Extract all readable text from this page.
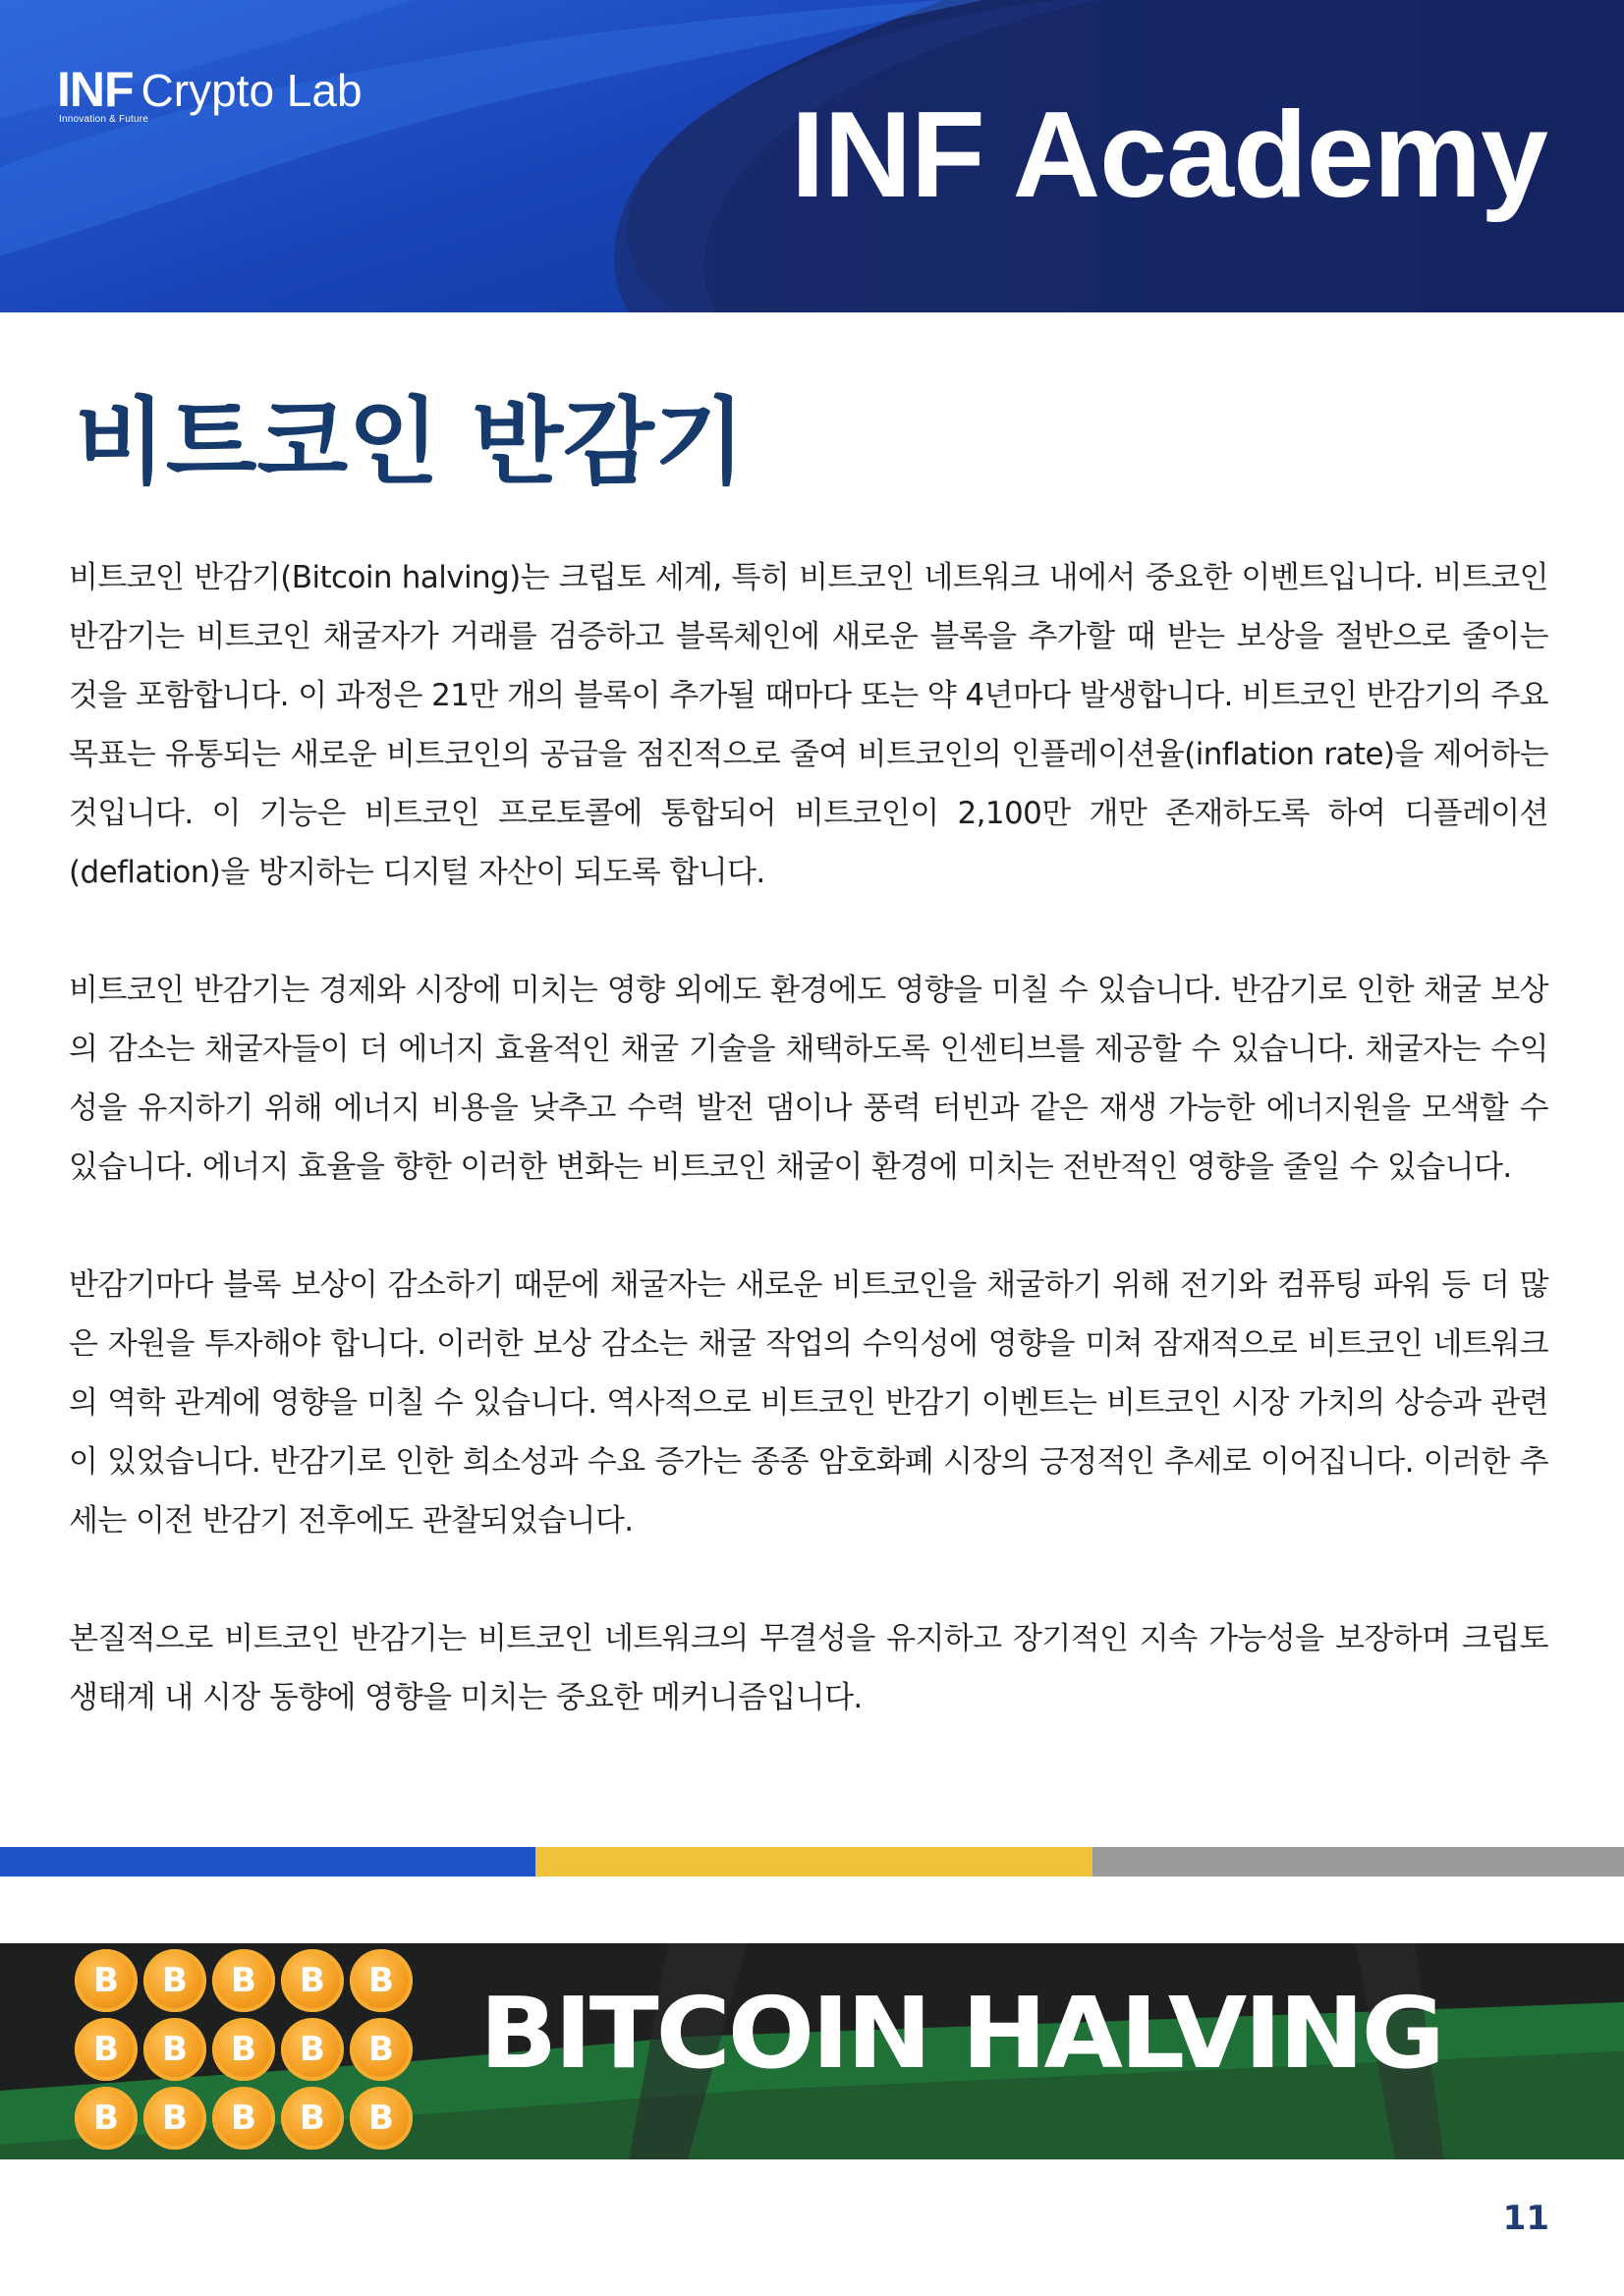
INF Crypto Lab
Innovation & Future	INF Academy
비트코인 반감기

비트코인 반감기(Bitcoin halving)는 크립토 세계, 특히 비트코인 네트워크 내에서 중요한 이벤트입니다. 비트코인 반감기는 비트코인 채굴자가 거래를 검증하고 블록체인에 새로운 블록을 추가할 때 받는 보상을 절반으로 줄이는 것을 포함합니다. 이 과정은 21만 개의 블록이 추가될 때마다 또는 약 4년마다 발생합니다. 비트코인 반감기의 주요 목표는 유통되는 새로운 비트코인의 공급을 점진적으로 줄여 비트코인의 인플레이션율(inflation rate)을 제어하는 것입니다. 이 기능은 비트코인 프로토콜에 통합되어 비트코인이 2,100만 개만 존재하도록 하여 디플레이션(deflation)을 방지하는 디지털 자산이 되도록 합니다.

비트코인 반감기는 경제와 시장에 미치는 영향 외에도 환경에도 영향을 미칠 수 있습니다. 반감기로 인한 채굴 보상의 감소는 채굴자들이 더 에너지 효율적인 채굴 기술을 채택하도록 인센티브를 제공할 수 있습니다. 채굴자는 수익성을 유지하기 위해 에너지 비용을 낮추고 수력 발전 댐이나 풍력 터빈과 같은 재생 가능한 에너지원을 모색할 수 있습니다. 에너지 효율을 향한 이러한 변화는 비트코인 채굴이 환경에 미치는 전반적인 영향을 줄일 수 있습니다.

반감기마다 블록 보상이 감소하기 때문에 채굴자는 새로운 비트코인을 채굴하기 위해 전기와 컴퓨팅 파워 등 더 많은 자원을 투자해야 합니다. 이러한 보상 감소는 채굴 작업의 수익성에 영향을 미쳐 잠재적으로 비트코인 네트워크의 역학 관계에 영향을 미칠 수 있습니다. 역사적으로 비트코인 반감기 이벤트는 비트코인 시장 가치의 상승과 관련이 있었습니다. 반감기로 인한 희소성과 수요 증가는 종종 암호화폐 시장의 긍정적인 추세로 이어집니다. 이러한 추세는 이전 반감기 전후에도 관찰되었습니다.

본질적으로 비트코인 반감기는 비트코인 네트워크의 무결성을 유지하고 장기적인 지속 가능성을 보장하며 크립토 생태계 내 시장 동향에 영향을 미치는 중요한 메커니즘입니다.

B	B	B	B	B
B	B	B	B	B
B	B	B	B	B
BITCOIN HALVING
11
